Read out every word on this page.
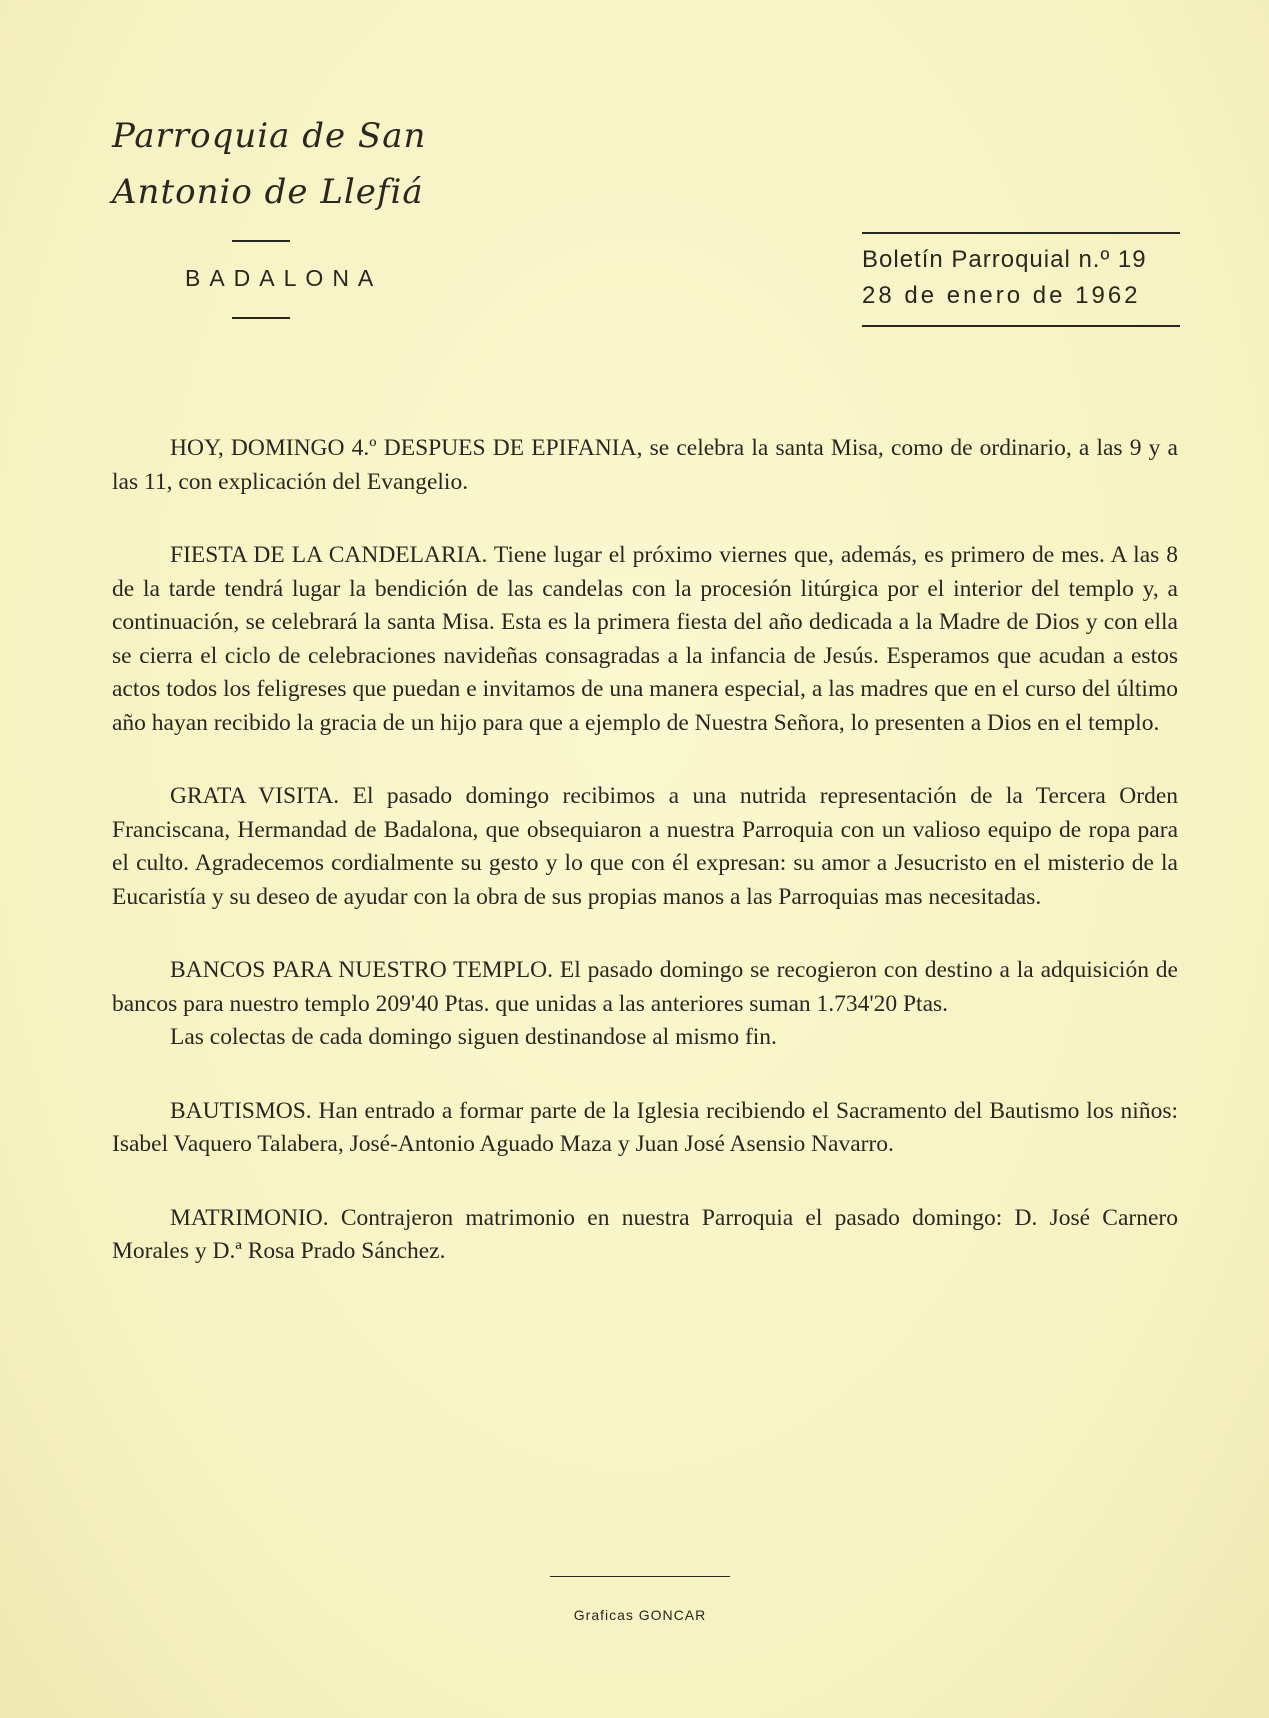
Parroquia de San
Antonio de Llefiá
BADALONA
Boletín Parroquial n.º 19
28 de enero de 1962

HOY, DOMINGO 4.º DESPUES DE EPIFANIA, se celebra la santa Misa, como de ordinario, a las 9 y a las 11, con explicación del Evangelio.

FIESTA DE LA CANDELARIA. Tiene lugar el próximo viernes que, además, es primero de mes. A las 8 de la tarde tendrá lugar la bendición de las candelas con la procesión litúrgica por el interior del templo y, a continuación, se celebrará la santa Misa. Esta es la primera fiesta del año dedicada a la Madre de Dios y con ella se cierra el ciclo de celebraciones navideñas consagradas a la infancia de Jesús. Esperamos que acudan a estos actos todos los feligreses que puedan e invitamos de una manera especial, a las madres que en el curso del último año hayan recibido la gracia de un hijo para que a ejemplo de Nuestra Señora, lo presenten a Dios en el templo.

GRATA VISITA. El pasado domingo recibimos a una nutrida representación de la Tercera Orden Franciscana, Hermandad de Badalona, que obsequiaron a nuestra Parroquia con un valioso equipo de ropa para el culto. Agradecemos cordialmente su gesto y lo que con él expresan: su amor a Jesucristo en el misterio de la Eucaristía y su deseo de ayudar con la obra de sus propias manos a las Parroquias mas necesitadas.

BANCOS PARA NUESTRO TEMPLO. El pasado domingo se recogieron con destino a la adquisición de bancos para nuestro templo 209'40 Ptas. que unidas a las anteriores suman 1.734'20 Ptas.

Las colectas de cada domingo siguen destinandose al mismo fin.

BAUTISMOS. Han entrado a formar parte de la Iglesia recibiendo el Sacramento del Bautismo los niños: Isabel Vaquero Talabera, José-Antonio Aguado Maza y Juan José Asensio Navarro.

MATRIMONIO. Contrajeron matrimonio en nuestra Parroquia el pasado domingo: D. José Carnero Morales y D.ª Rosa Prado Sánchez.

Graficas GONCAR
